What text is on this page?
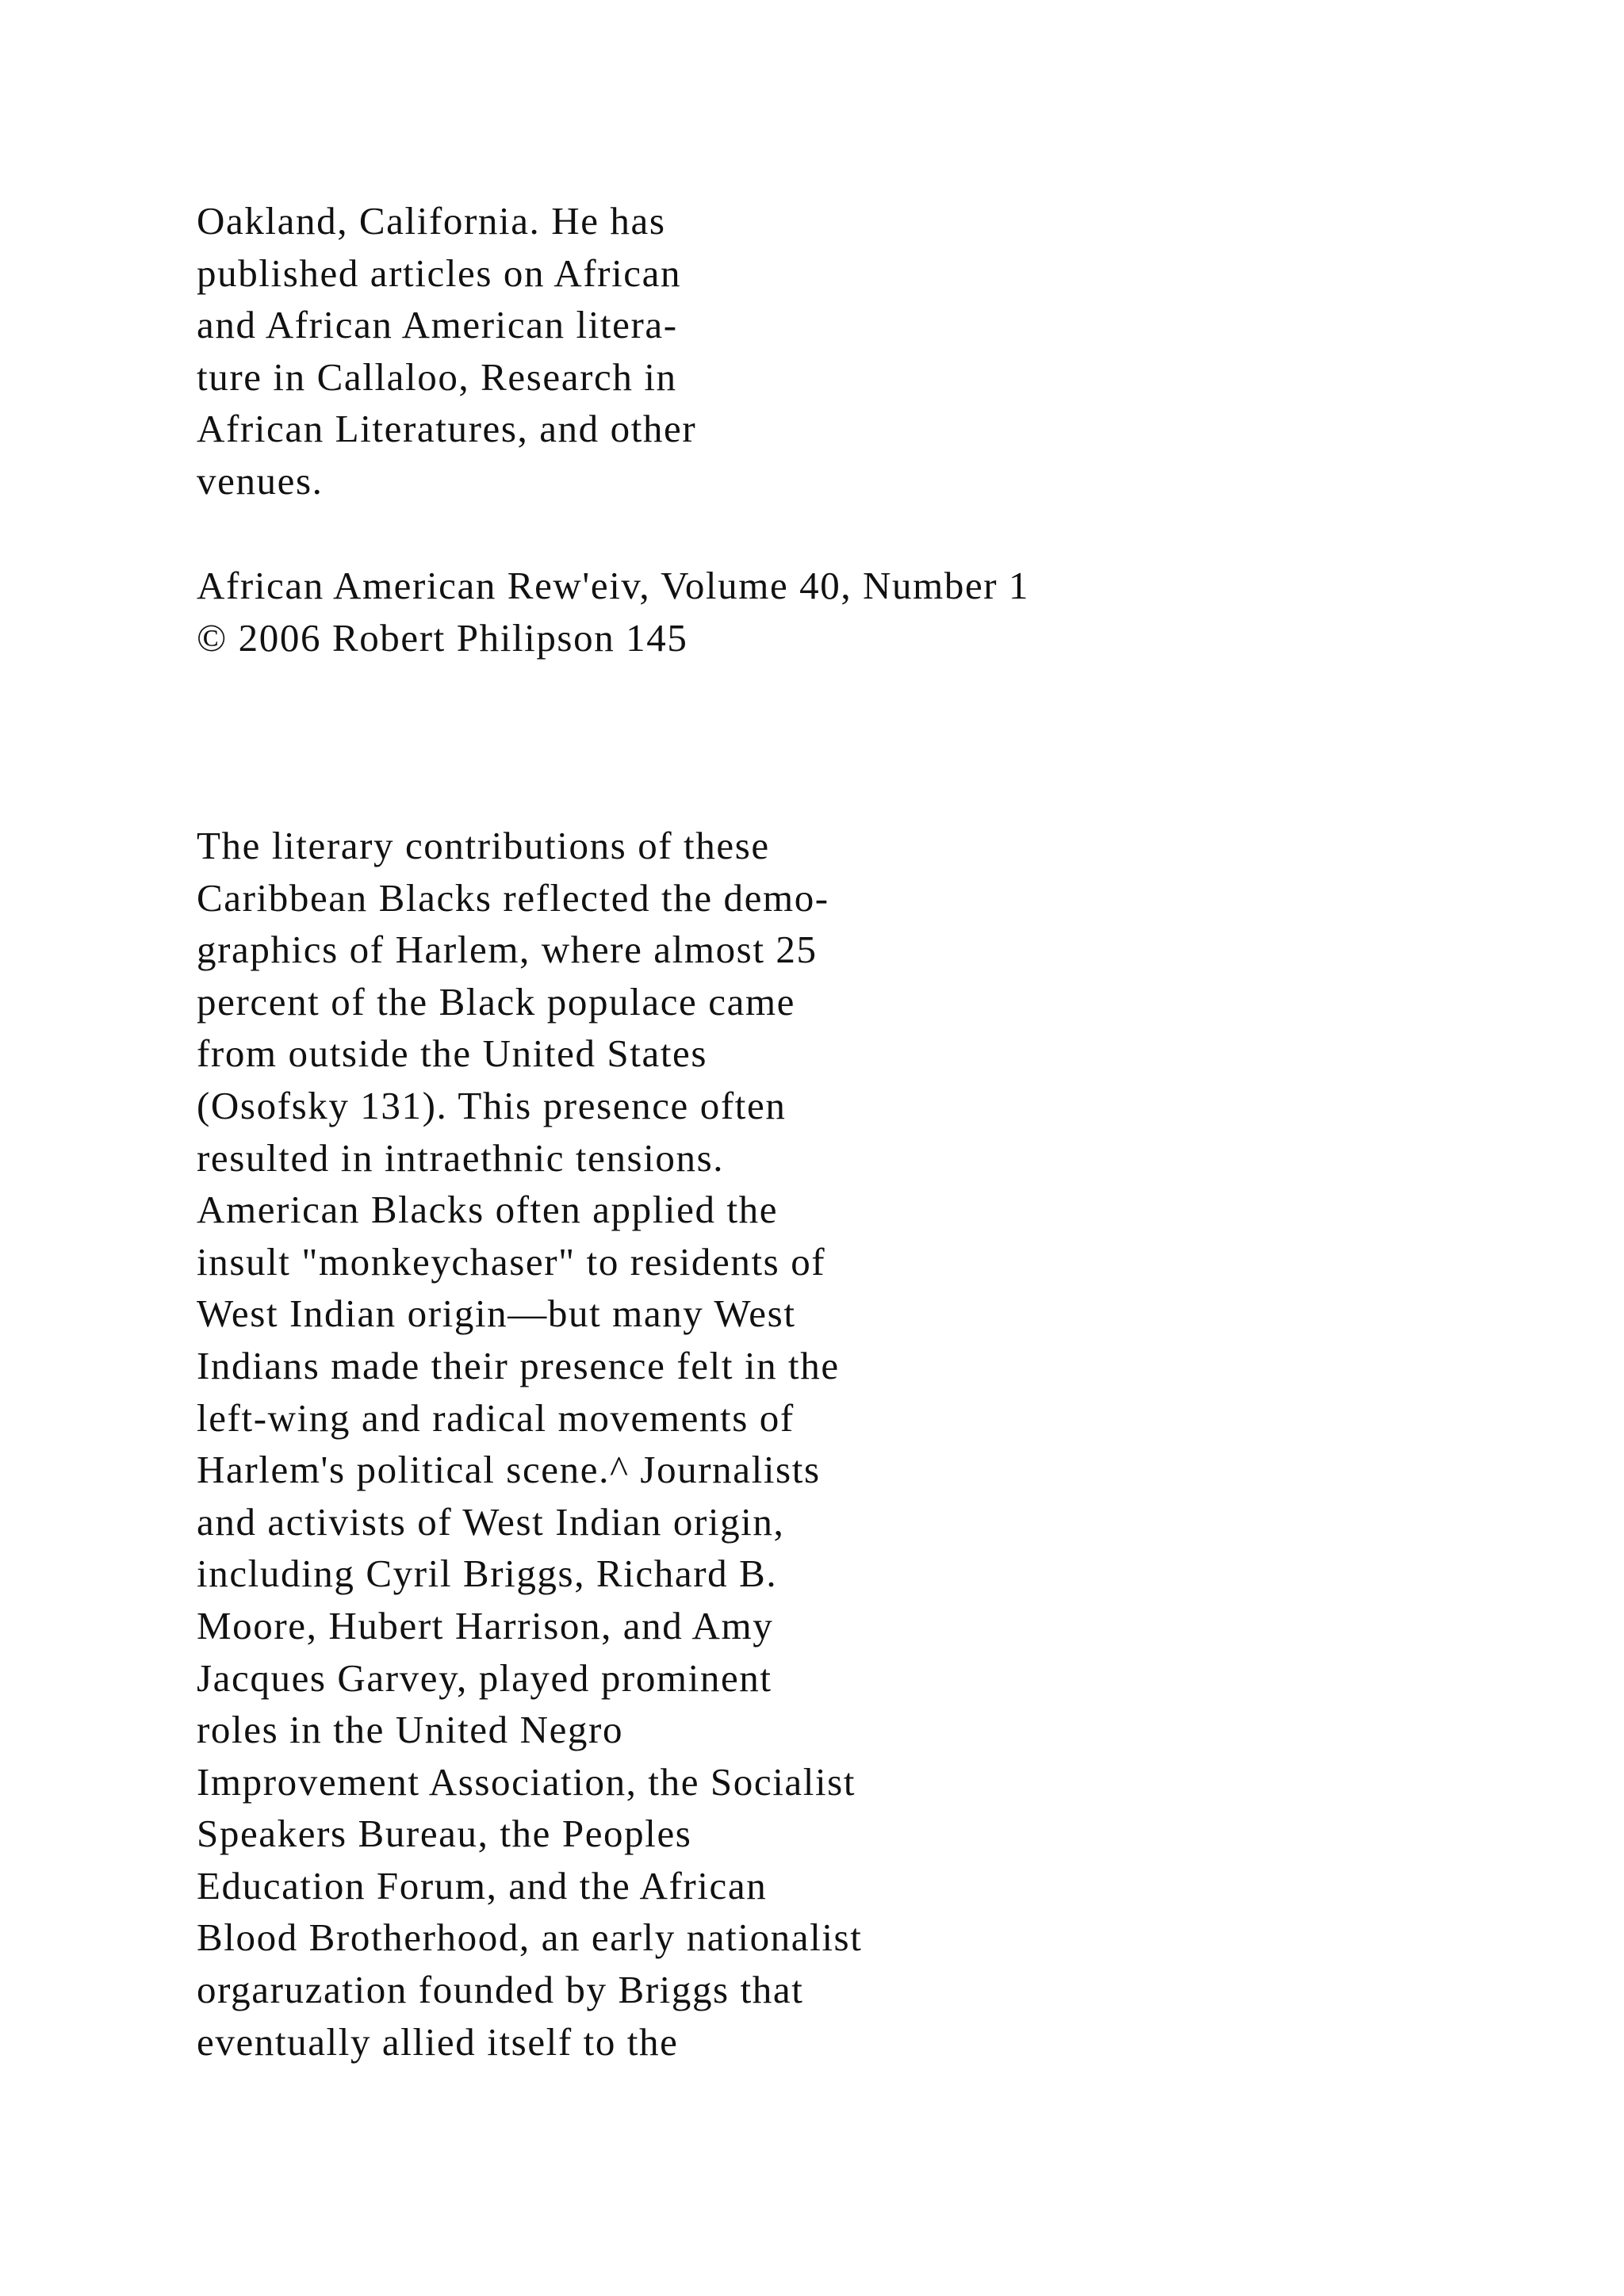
Oakland, California. He has
published articles on African
and African American litera-
ture in Callaloo, Research in
African Literatures, and other
venues.
African American Rew'eiv, Volume 40, Number 1
© 2006 Robert Philipson 145
The literary contributions of these
Caribbean Blacks reflected the demo-
graphics of Harlem, where almost 25
percent of the Black populace came
from outside the United States
(Osofsky 131). This presence often
resulted in intraethnic tensions.
American Blacks often applied the
insult "monkeychaser" to residents of
West Indian origin—but many West
Indians made their presence felt in the
left-wing and radical movements of
Harlem's political scene.^ Journalists
and activists of West Indian origin,
including Cyril Briggs, Richard B.
Moore, Hubert Harrison, and Amy
Jacques Garvey, played prominent
roles in the United Negro
Improvement Association, the Socialist
Speakers Bureau, the Peoples
Education Forum, and the African
Blood Brotherhood, an early nationalist
orgaruzation founded by Briggs that
eventually allied itself to the
